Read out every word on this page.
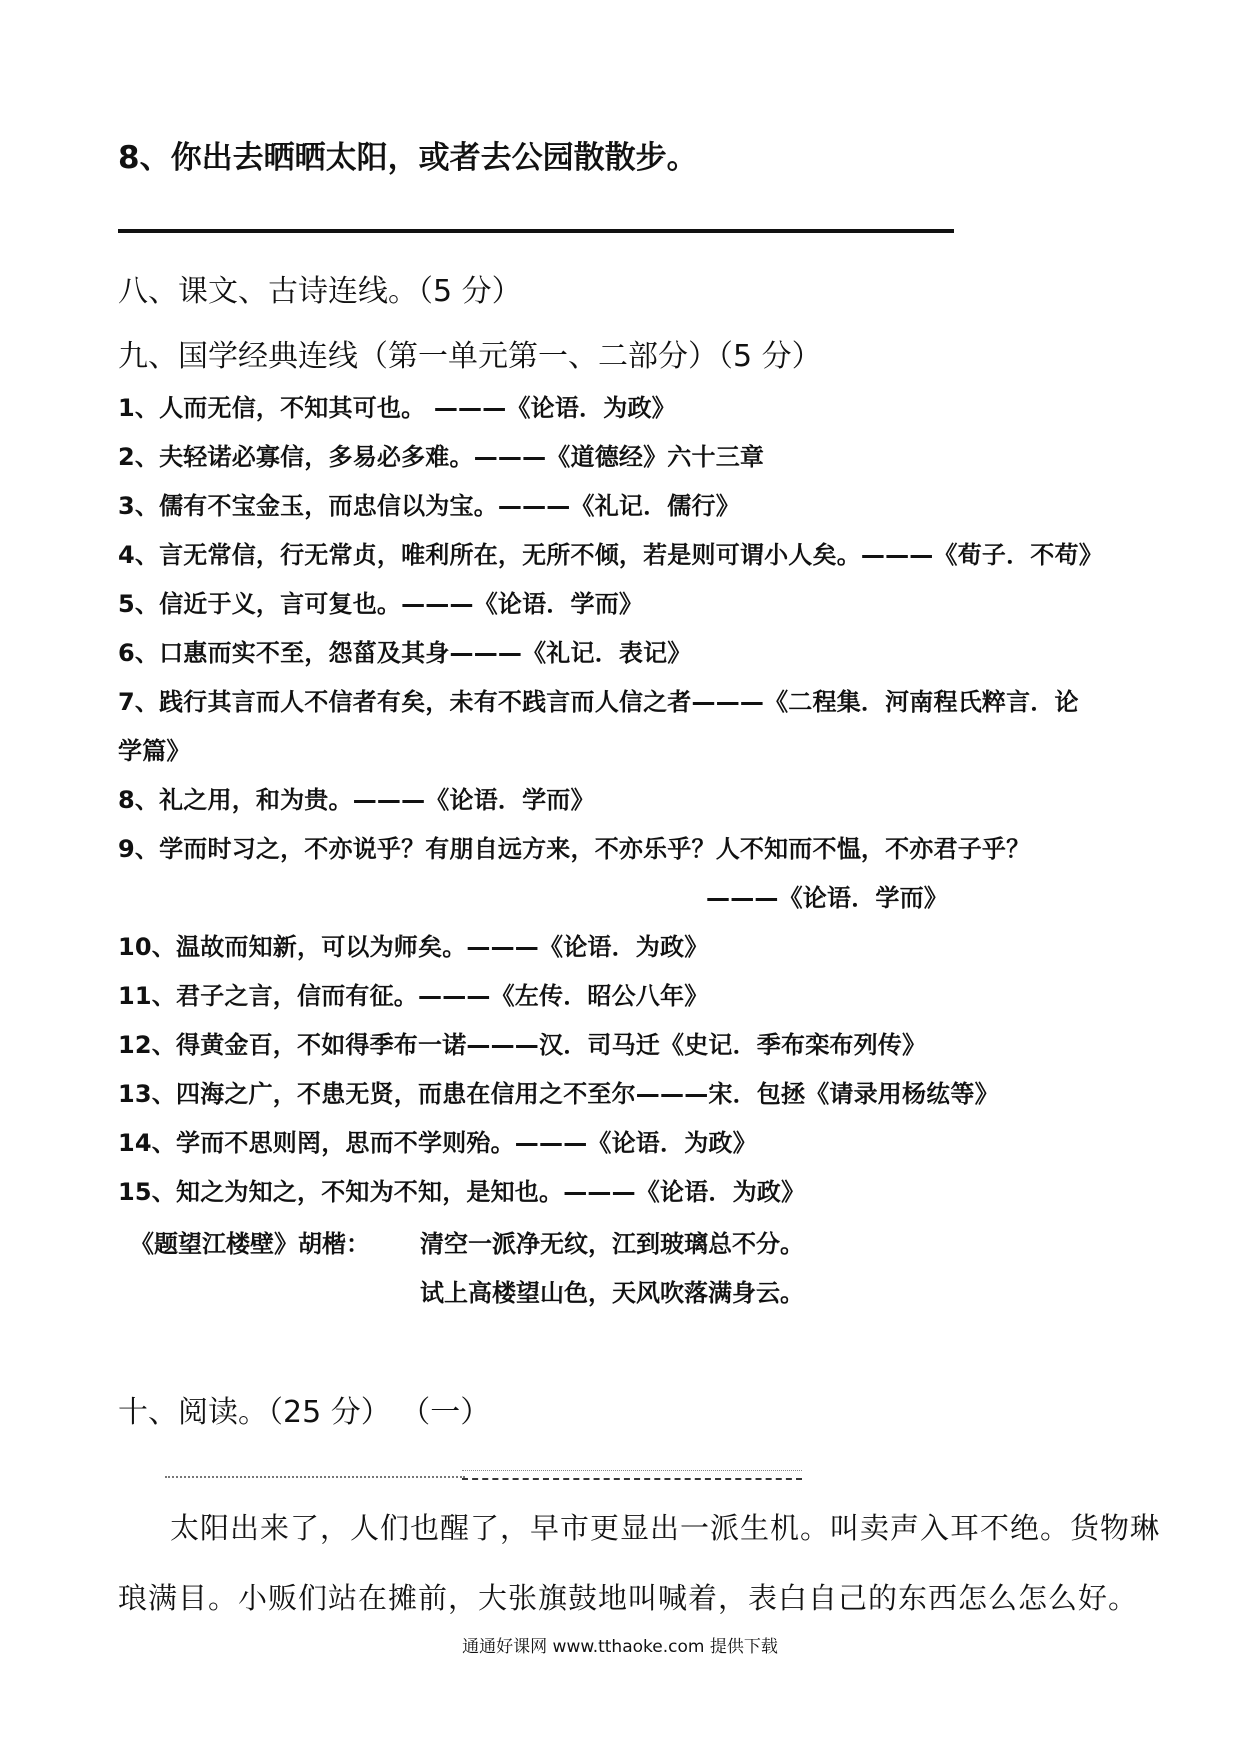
8、你出去晒晒太阳，或者去公园散散步。
八、课文、古诗连线。（5 分）
九、国学经典连线（第一单元第一、二部分）（5 分）
1、人而无信，不知其可也。 ———《论语．为政》
2、夫轻诺必寡信，多易必多难。———《道德经》六十三章
3、儒有不宝金玉，而忠信以为宝。———《礼记．儒行》
4、言无常信，行无常贞，唯利所在，无所不倾，若是则可谓小人矣。———《荀子．不苟》
5、信近于义，言可复也。———《论语．学而》
6、口惠而实不至，怨菑及其身———《礼记．表记》
7、践行其言而人不信者有矣，未有不践言而人信之者———《二程集．河南程氏粹言．论
学篇》
8、礼之用，和为贵。———《论语．学而》
9、学而时习之，不亦说乎？有朋自远方来，不亦乐乎？人不知而不愠，不亦君子乎？
———《论语．学而》
10、温故而知新，可以为师矣。———《论语．为政》
11、君子之言，信而有征。———《左传．昭公八年》
12、得黄金百，不如得季布一诺———汉．司马迁《史记．季布栾布列传》
13、四海之广，不患无贤，而患在信用之不至尔———宋．包拯《请录用杨纮等》
14、学而不思则罔，思而不学则殆。———《论语．为政》
15、知之为知之，不知为不知，是知也。———《论语．为政》
《题望江楼壁》胡楷： 清空一派净无纹，江到玻璃总不分。
试上高楼望山色，天风吹落满身云。
十、阅读。（25 分） （一）
太阳出来了，人们也醒了，早市更显出一派生机。叫卖声入耳不绝。货物琳
琅满目。小贩们站在摊前，大张旗鼓地叫喊着，表白自己的东西怎么怎么好。
通通好课网 www.tthaoke.com 提供下载
